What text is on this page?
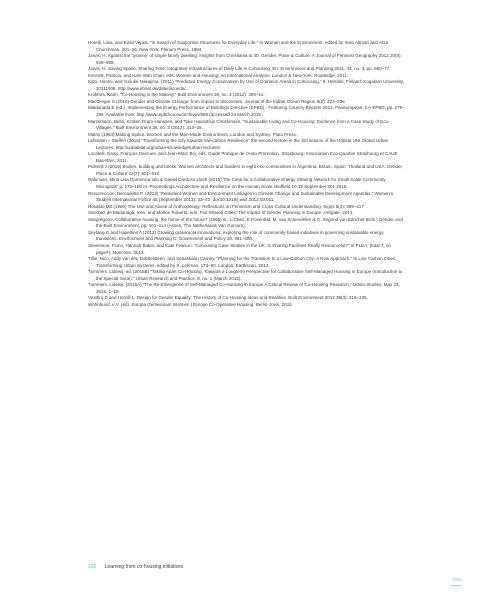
Horelli, Liisa, and Kirsti Vepsä. “In Search of Supportive Structures for Everyday Life.” In Women and the Environment, edited by Irwin Altman and Arza Churchman, 201–26. New York: Plenum Press, 1994.
Jarvis, H. Against the ‘tyranny’ of single-family dwelling: insights from Christiania at 40. Gender, Place & Culture: A Journal of Feminist Geography 2012 20(8): 939–959.
Jarvis, H. Saving Space, Sharing Time: Integrated Infrastructures of Daily Life in Cohousing. En: Environment and Planning 2011. 43, no. 3, pp. 560–77.
Kennett, Patricia, and Kam Wah Chan, eds. Women and Housing: An International Analysis. London & New York: Routledge, 2011.
Kido, Hiromi, and Yusuke Nakajima. (2011) “Predicted Energy Conservation by Use of Common Areas in Cohousing,” 6. Helsinki, Finland: Kogakuin University, 20111008. http://www.irbnet.de/daten/iconda/...
Krokfors, Karin. “Co-Housing in the Making.” Built Environment 38, no. 3 (2012): 309–14.
MacGregor S (2010) Gender and Climate CHange: from impact to discourses. Journal of the Indian Ocean Region 6(2): 223–238.
Maldonado E (ed.), Implementing the Energy Performance of Buildings Directive (EPBD) - Featuring Country Reports 2012, Paneuropean: CA-EPBD, pp. 279–286. Available from: http://www.epbd-ca.eu/archives/669 (accessed 24 March 2016
Marckmann, Bella, Kirsten Gram-Hanssen, and Toke Haunstrup Christensen. “Sustainable Living and Co-Housing: Evidence from a Case Study of Eco-Villages.” Built Environment 38, no. 3 (2012): 413–29.
Matrix (1984) Making Space: Women and the Man-Made Environment. London and Sydney: Pluto Press.
Lehmann – Steffen (2016) “Transforming the City towards low-carbon Resilience” the second lecture in the 3rd season of the Habitat UNI Global Urban Lectures: http://unhabitat.org/urban-knowledge/urban-lectures/
Locatelli, Daisy, François Desrues, and Jean-Marc Bry, eds. Guide Pratique de l’Auto-Promotion. Strasbourg: Association Eco-Quartier Strasbourg et CAUE Bas-Rhin, 2011.
Pickerill J (2015) Bodies, building and bricks: Women architects and builders in eight eco-communities in Argentina, Britain, Spain, Thailand and USA. Gender, Place & Culture 22(7): 901–919.
Rahimian, Mina Lisa Domenica Iulo & Daniel Cardoso Llach (2015) The Case for a Collaborative Energy Sharing Network for Small Scale Community Microgrids” p. 173–180 In: Proceedings Architecture and Resilience on the Human Scale sheffield 10-12 September 201 2015.
Resurrección, Bernadette P. (2013) “Persistent Women and Environment Linkages in Climate Change and Sustainable Development Agendas.” Women’s Studies International Forum 40 (September 2013): 33–43. doi:10.1016/j.wsif.2013.03.011.
Rosaldo MZ (1980) The Use and Abuse of Anthropology: Reflections on Feminism and Cross-Cultural Understanding. Signs 5(3): 389–417.
Sanchez de Madariaga, Inés, and Marion Roberts, eds. Fair Shared Cities: The Impact of Gender Planning in Europe. Ashgate, 2013.
Sangregorio, Collaborative housing: the home of the future? (1995) in.. L.Cttes, E.Poventud, M. van Schendelen & G. Segond von Banchet (Eds.) Gender and the Built Environment, pp. 101–114 (Assen, The Netherlands Van Gorcum).
Seyfang G and Haxeltine A (2012) Growing grassroots innovations: exploring the role of community-based initiatives in governing sustainable energy transitions. Environment and Planning C: Government and Policy 30: 381–400.
Stevenson, Fionn, Hannah Baker, and Kate Fewson. “Cohousing Case Studies in the UK: Is Sharing Facilities Really Resourceful?” In PLEA, (total 7, no page#). Munchen, 2013.
Tillie, Nico, Andy van den Dobbelsteen, and Sebastiaan Carney. “Planning for the Transition to a Low-Carbon City: A New Approach.” In Low Carbon Cities: Transforming Urban Systems, edited by S. Lehman, 173–90. London: Earthscan, 2014.
Tummers, Lidewij, ed. (2015B) “Taking Apart Co-Housing. Towards a Longterm Perspective for Collaborative Self-Managed Housing in Europe (Introduction to the Special Issue).” Urban Research and Practice, 8, no. 1 (March 2015).
Tummers, Lidewij. (2015A) “The Re-Emergence of Self-Managed Co-Housing in Europe A Critical Review of Co-Housing Research.” Urban Studies, May 23, 2015, 1–18.
Vestbro D and Horelli L. Design for Gender Equality: The History of Co-Housing Ideas and Realities. Built Environment 2012 38(3): 315–335.
Wohnbund, e.V. (ed). Europa Gemeinsam Wohnen | Europe Co-Operative Housing. Berlin-Jovis, 2015.
222 Learning from co-housing initiatives
TOC
